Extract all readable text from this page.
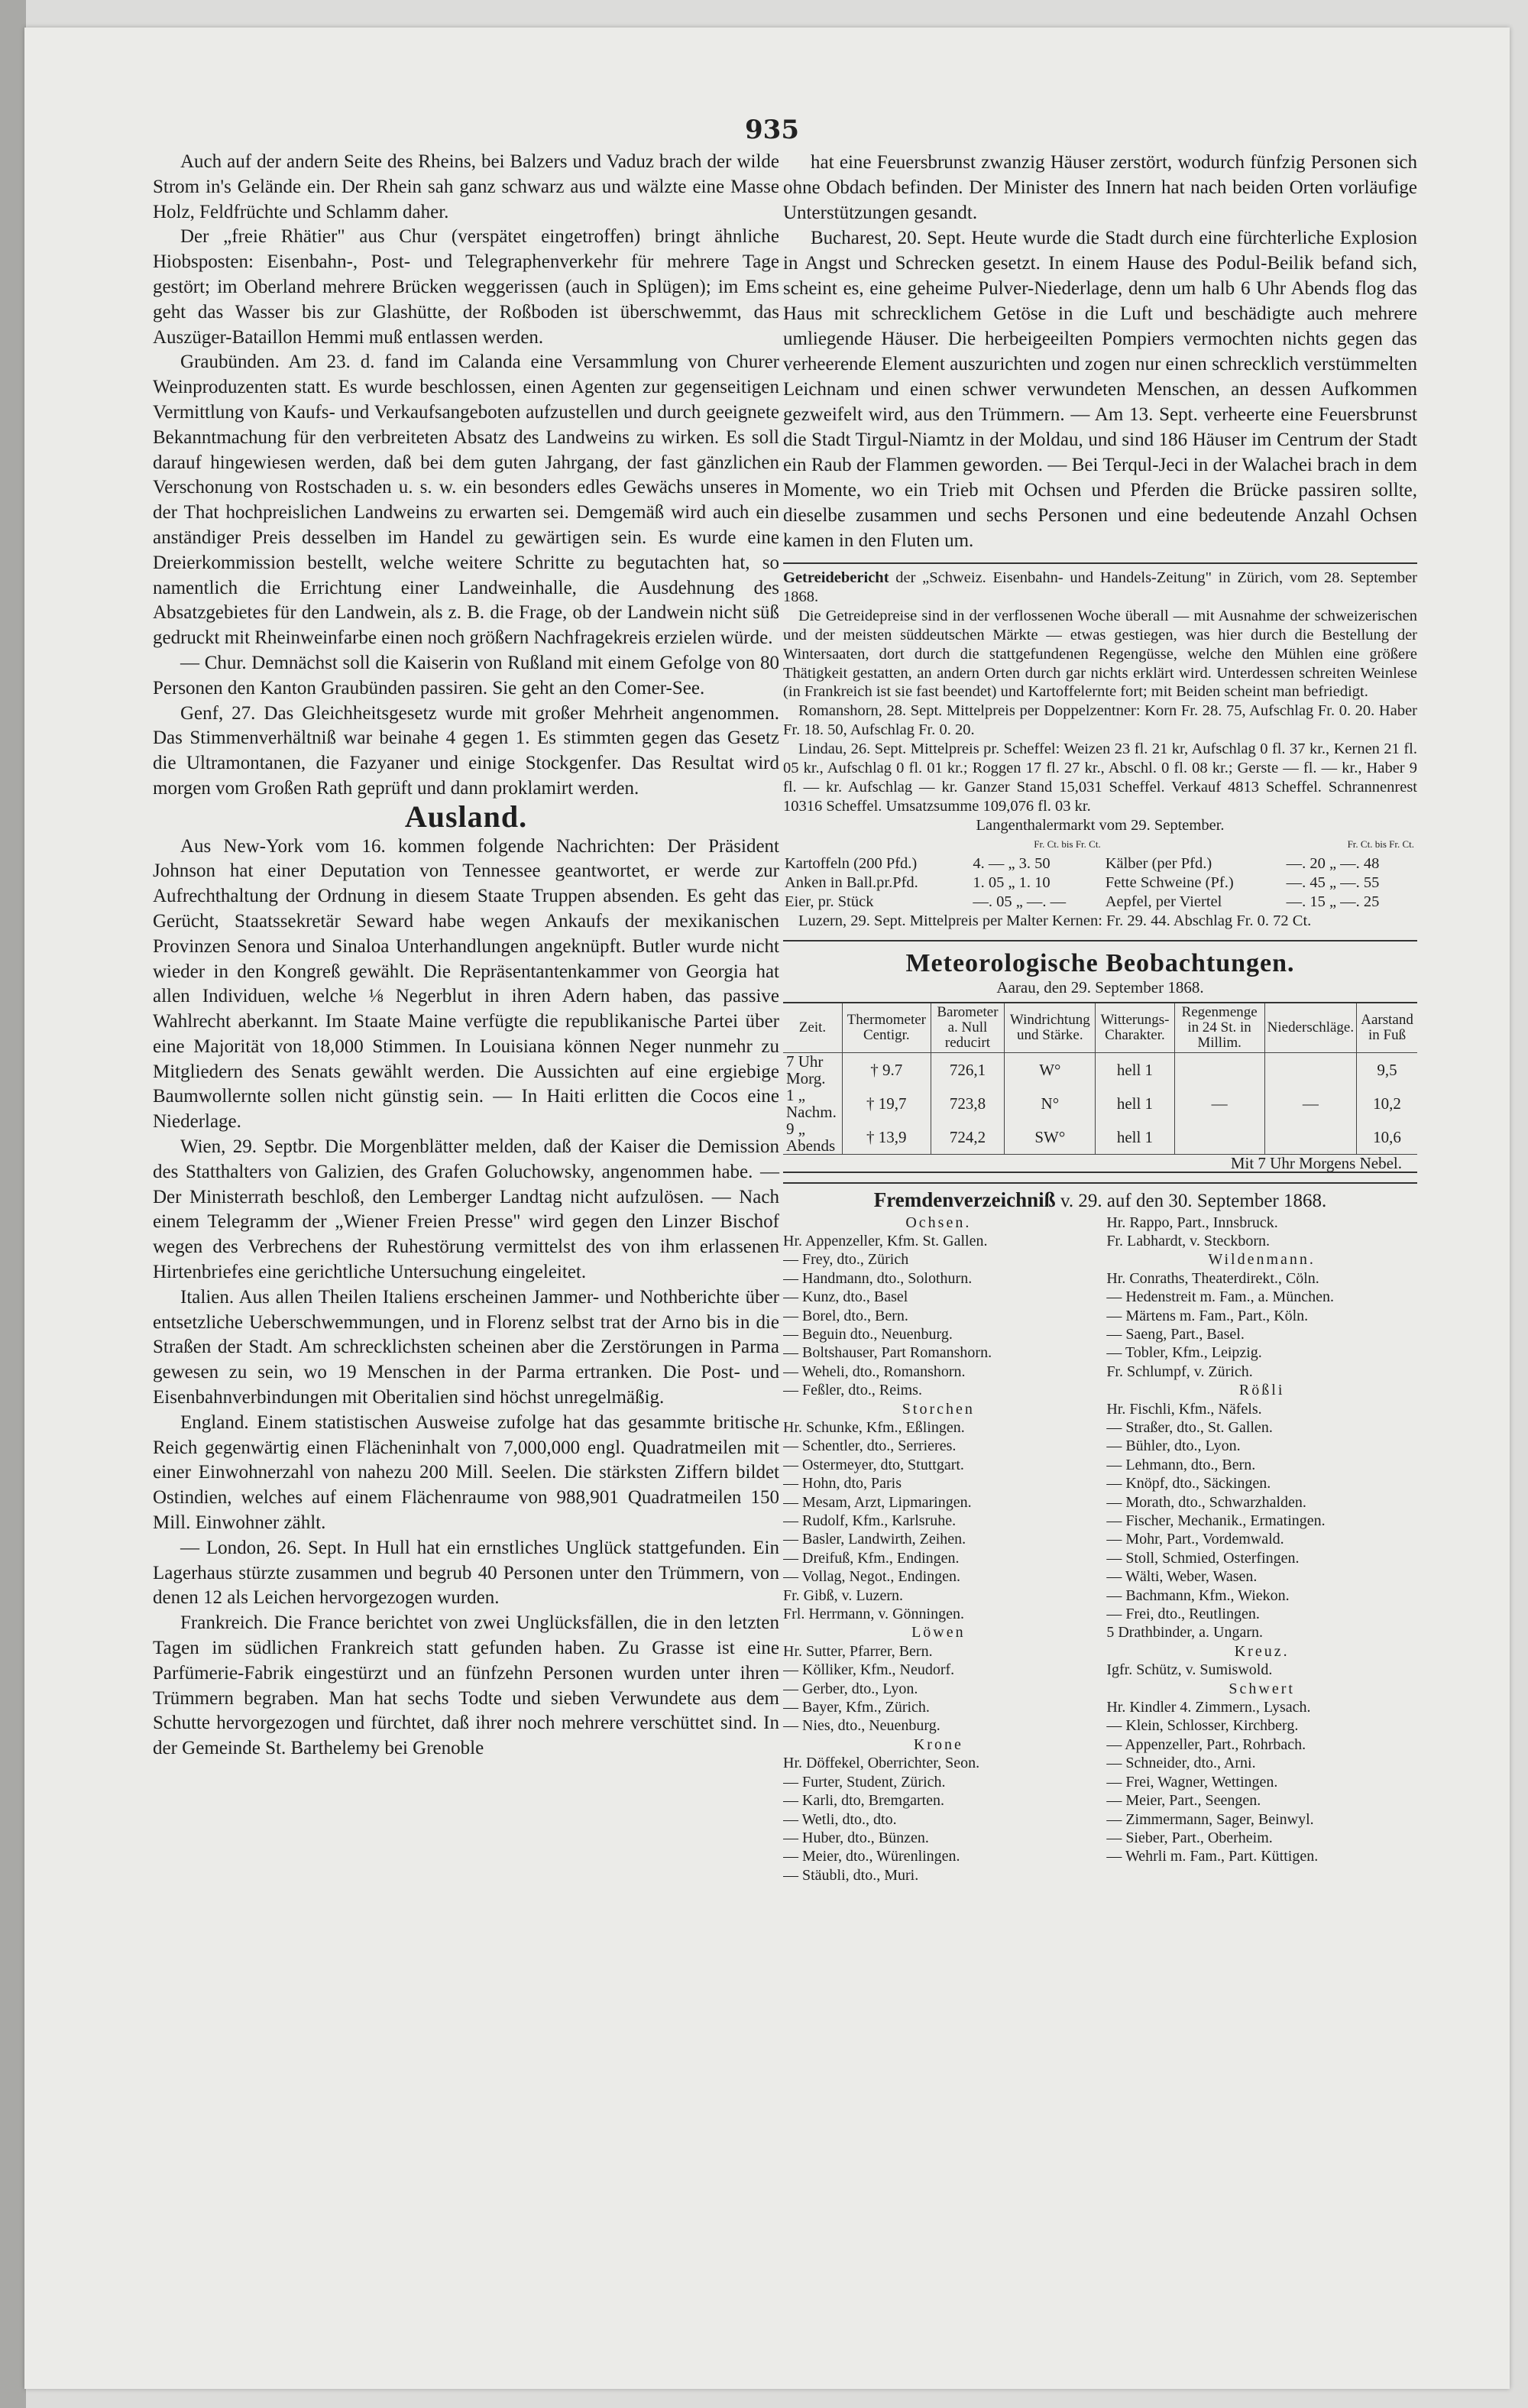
935

Auch auf der andern Seite des Rheins, bei Balzers und Vaduz brach der wilde Strom in's Gelände ein. Der Rhein sah ganz schwarz aus und wälzte eine Masse Holz, Feldfrüchte und Schlamm daher.

Der „freie Rhätier" aus Chur (verspätet eingetroffen) bringt ähnliche Hiobsposten: Eisenbahn-, Post- und Telegraphenverkehr für mehrere Tage gestört; im Oberland mehrere Brücken weggerissen (auch in Splügen); im Ems geht das Wasser bis zur Glashütte, der Roßboden ist überschwemmt, das Auszüger-Bataillon Hemmi muß entlassen werden.

Graubünden. Am 23. d. fand im Calanda eine Versammlung von Churer Weinproduzenten statt. Es wurde beschlossen, einen Agenten zur gegenseitigen Vermittlung von Kaufs- und Verkaufsangeboten aufzustellen und durch geeignete Bekanntmachung für den verbreiteten Absatz des Landweins zu wirken. Es soll darauf hingewiesen werden, daß bei dem guten Jahrgang, der fast gänzlichen Verschonung von Rostschaden u. s. w. ein besonders edles Gewächs unseres in der That hochpreislichen Landweins zu erwarten sei. Demgemäß wird auch ein anständiger Preis desselben im Handel zu gewärtigen sein. Es wurde eine Dreierkommission bestellt, welche weitere Schritte zu begutachten hat, so namentlich die Errichtung einer Landweinhalle, die Ausdehnung des Absatzgebietes für den Landwein, als z. B. die Frage, ob der Landwein nicht süß gedruckt mit Rheinweinfarbe einen noch größern Nachfragekreis erzielen würde.

— Chur. Demnächst soll die Kaiserin von Rußland mit einem Gefolge von 80 Personen den Kanton Graubünden passiren. Sie geht an den Comer-See.

Genf, 27. Das Gleichheitsgesetz wurde mit großer Mehrheit angenommen. Das Stimmenverhältniß war beinahe 4 gegen 1. Es stimmten gegen das Gesetz die Ultramontanen, die Fazyaner und einige Stockgenfer. Das Resultat wird morgen vom Großen Rath geprüft und dann proklamirt werden.

Ausland.

Aus New-York vom 16. kommen folgende Nachrichten: Der Präsident Johnson hat einer Deputation von Tennessee geantwortet, er werde zur Aufrechthaltung der Ordnung in diesem Staate Truppen absenden. Es geht das Gerücht, Staatssekretär Seward habe wegen Ankaufs der mexikanischen Provinzen Senora und Sinaloa Unterhandlungen angeknüpft. Butler wurde nicht wieder in den Kongreß gewählt. Die Repräsentantenkammer von Georgia hat allen Individuen, welche ⅛ Negerblut in ihren Adern haben, das passive Wahlrecht aberkannt. Im Staate Maine verfügte die republikanische Partei über eine Majorität von 18,000 Stimmen. In Louisiana können Neger nunmehr zu Mitgliedern des Senats gewählt werden. Die Aussichten auf eine ergiebige Baumwollernte sollen nicht günstig sein. — In Haiti erlitten die Cocos eine Niederlage.

Wien, 29. Septbr. Die Morgenblätter melden, daß der Kaiser die Demission des Statthalters von Galizien, des Grafen Goluchowsky, angenommen habe. — Der Ministerrath beschloß, den Lemberger Landtag nicht aufzulösen. — Nach einem Telegramm der „Wiener Freien Presse" wird gegen den Linzer Bischof wegen des Verbrechens der Ruhestörung vermittelst des von ihm erlassenen Hirtenbriefes eine gerichtliche Untersuchung eingeleitet.

Italien. Aus allen Theilen Italiens erscheinen Jammer- und Nothberichte über entsetzliche Ueberschwemmungen, und in Florenz selbst trat der Arno bis in die Straßen der Stadt. Am schrecklichsten scheinen aber die Zerstörungen in Parma gewesen zu sein, wo 19 Menschen in der Parma ertranken. Die Post- und Eisenbahnverbindungen mit Oberitalien sind höchst unregelmäßig.

England. Einem statistischen Ausweise zufolge hat das gesammte britische Reich gegenwärtig einen Flächeninhalt von 7,000,000 engl. Quadratmeilen mit einer Einwohnerzahl von nahezu 200 Mill. Seelen. Die stärksten Ziffern bildet Ostindien, welches auf einem Flächenraume von 988,901 Quadratmeilen 150 Mill. Einwohner zählt.

— London, 26. Sept. In Hull hat ein ernstliches Unglück stattgefunden. Ein Lagerhaus stürzte zusammen und begrub 40 Personen unter den Trümmern, von denen 12 als Leichen hervorgezogen wurden.

Frankreich. Die France berichtet von zwei Unglücksfällen, die in den letzten Tagen im südlichen Frankreich statt gefunden haben. Zu Grasse ist eine Parfümerie-Fabrik eingestürzt und an fünfzehn Personen wurden unter ihren Trümmern begraben. Man hat sechs Todte und sieben Verwundete aus dem Schutte hervorgezogen und fürchtet, daß ihrer noch mehrere verschüttet sind. In der Gemeinde St. Barthelemy bei Grenoble

hat eine Feuersbrunst zwanzig Häuser zerstört, wodurch fünfzig Personen sich ohne Obdach befinden. Der Minister des Innern hat nach beiden Orten vorläufige Unterstützungen gesandt.

Bucharest, 20. Sept. Heute wurde die Stadt durch eine fürchterliche Explosion in Angst und Schrecken gesetzt. In einem Hause des Podul-Beilik befand sich, scheint es, eine geheime Pulver-Niederlage, denn um halb 6 Uhr Abends flog das Haus mit schrecklichem Getöse in die Luft und beschädigte auch mehrere umliegende Häuser. Die herbeigeeilten Pompiers vermochten nichts gegen das verheerende Element auszurichten und zogen nur einen schrecklich verstümmelten Leichnam und einen schwer verwundeten Menschen, an dessen Aufkommen gezweifelt wird, aus den Trümmern. — Am 13. Sept. verheerte eine Feuersbrunst die Stadt Tirgul-Niamtz in der Moldau, und sind 186 Häuser im Centrum der Stadt ein Raub der Flammen geworden. — Bei Terqul-Jeci in der Walachei brach in dem Momente, wo ein Trieb mit Ochsen und Pferden die Brücke passiren sollte, dieselbe zusammen und sechs Personen und eine bedeutende Anzahl Ochsen kamen in den Fluten um.

Getreidebericht der „Schweiz. Eisenbahn- und Handels-Zeitung" in Zürich, vom 28. September 1868.

Die Getreidepreise sind in der verflossenen Woche überall — mit Ausnahme der schweizerischen und der meisten süddeutschen Märkte — etwas gestiegen, was hier durch die Bestellung der Wintersaaten, dort durch die stattgefundenen Regengüsse, welche den Mühlen eine größere Thätigkeit gestatten, an andern Orten durch gar nichts erklärt wird. Unterdessen schreiten Weinlese (in Frankreich ist sie fast beendet) und Kartoffelernte fort; mit Beiden scheint man befriedigt.

Romanshorn, 28. Sept. Mittelpreis per Doppelzentner: Korn Fr. 28. 75, Aufschlag Fr. 0. 20. Haber Fr. 18. 50, Aufschlag Fr. 0. 20.

Lindau, 26. Sept. Mittelpreis pr. Scheffel: Weizen 23 fl. 21 kr, Aufschlag 0 fl. 37 kr., Kernen 21 fl. 05 kr., Aufschlag 0 fl. 01 kr.; Roggen 17 fl. 27 kr., Abschl. 0 fl. 08 kr.; Gerste — fl. — kr., Haber 9 fl. — kr. Aufschlag — kr. Ganzer Stand 15,031 Scheffel. Verkauf 4813 Scheffel. Schrannenrest 10316 Scheffel. Umsatzsumme 109,076 fl. 03 kr.

Langenthalermarkt vom 29. September.
	Fr. Ct. bis Fr. Ct.		Fr. Ct. bis Fr. Ct.
Kartoffeln (200 Pfd.)	4. — „ 3. 50	Kälber (per Pfd.)	—. 20 „ —. 48
Anken in Ball.pr.Pfd.	1. 05 „ 1. 10	Fette Schweine (Pf.)	—. 45 „ —. 55
Eier, pr. Stück	—. 05 „ —. —	Aepfel, per Viertel	—. 15 „ —. 25

Luzern, 29. Sept. Mittelpreis per Malter Kernen: Fr. 29. 44. Abschlag Fr. 0. 72 Ct.

Meteorologische Beobachtungen.
Aarau, den 29. September 1868.
Zeit.	Thermometer Centigr.	Barometer a. Null reducirt	Windrichtung und Stärke.	Witterungs-Charakter.	Regenmenge in 24 St. in Millim.	Niederschläge.	Aarstand in Fuß
7 Uhr Morg.	† 9.7	726,1	W°	hell 1			9,5
1 „ Nachm.	† 19,7	723,8	N°	hell 1	—	—	10,2
9 „ Abends	† 13,9	724,2	SW°	hell 1			10,6
Mit 7 Uhr Morgens Nebel.							
Fremdenverzeichniß v. 29. auf den 30. September 1868.
Ochsen.
Hr. Appenzeller, Kfm. St. Gallen.
— Frey, dto., Zürich
— Handmann, dto., Solothurn.
— Kunz, dto., Basel
— Borel, dto., Bern.
— Beguin dto., Neuenburg.
— Boltshauser, Part Romanshorn.
— Weheli, dto., Romanshorn.
— Feßler, dto., Reims.
Storchen
Hr. Schunke, Kfm., Eßlingen.
— Schentler, dto., Serrieres.
— Ostermeyer, dto, Stuttgart.
— Hohn, dto, Paris
— Mesam, Arzt, Lipmaringen.
— Rudolf, Kfm., Karlsruhe.
— Basler, Landwirth, Zeihen.
— Dreifuß, Kfm., Endingen.
— Vollag, Negot., Endingen.
Fr. Gibß, v. Luzern.
Frl. Herrmann, v. Gönningen.
Löwen
Hr. Sutter, Pfarrer, Bern.
— Kölliker, Kfm., Neudorf.
— Gerber, dto., Lyon.
— Bayer, Kfm., Zürich.
— Nies, dto., Neuenburg.
Krone
Hr. Döffekel, Oberrichter, Seon.
— Furter, Student, Zürich.
— Karli, dto, Bremgarten.
— Wetli, dto., dto.
— Huber, dto., Bünzen.
— Meier, dto., Würenlingen.
— Stäubli, dto., Muri.
Hr. Rappo, Part., Innsbruck.
Fr. Labhardt, v. Steckborn.
Wildenmann.
Hr. Conraths, Theaterdirekt., Cöln.
— Hedenstreit m. Fam., a. München.
— Märtens m. Fam., Part., Köln.
— Saeng, Part., Basel.
— Tobler, Kfm., Leipzig.
Fr. Schlumpf, v. Zürich.
Rößli
Hr. Fischli, Kfm., Näfels.
— Straßer, dto., St. Gallen.
— Bühler, dto., Lyon.
— Lehmann, dto., Bern.
— Knöpf, dto., Säckingen.
— Morath, dto., Schwarzhalden.
— Fischer, Mechanik., Ermatingen.
— Mohr, Part., Vordemwald.
— Stoll, Schmied, Osterfingen.
— Wälti, Weber, Wasen.
— Bachmann, Kfm., Wiekon.
— Frei, dto., Reutlingen.
5 Drathbinder, a. Ungarn.
Kreuz.
Igfr. Schütz, v. Sumiswold.
Schwert
Hr. Kindler 4. Zimmern., Lysach.
— Klein, Schlosser, Kirchberg.
— Appenzeller, Part., Rohrbach.
— Schneider, dto., Arni.
— Frei, Wagner, Wettingen.
— Meier, Part., Seengen.
— Zimmermann, Sager, Beinwyl.
— Sieber, Part., Oberheim.
— Wehrli m. Fam., Part. Küttigen.
